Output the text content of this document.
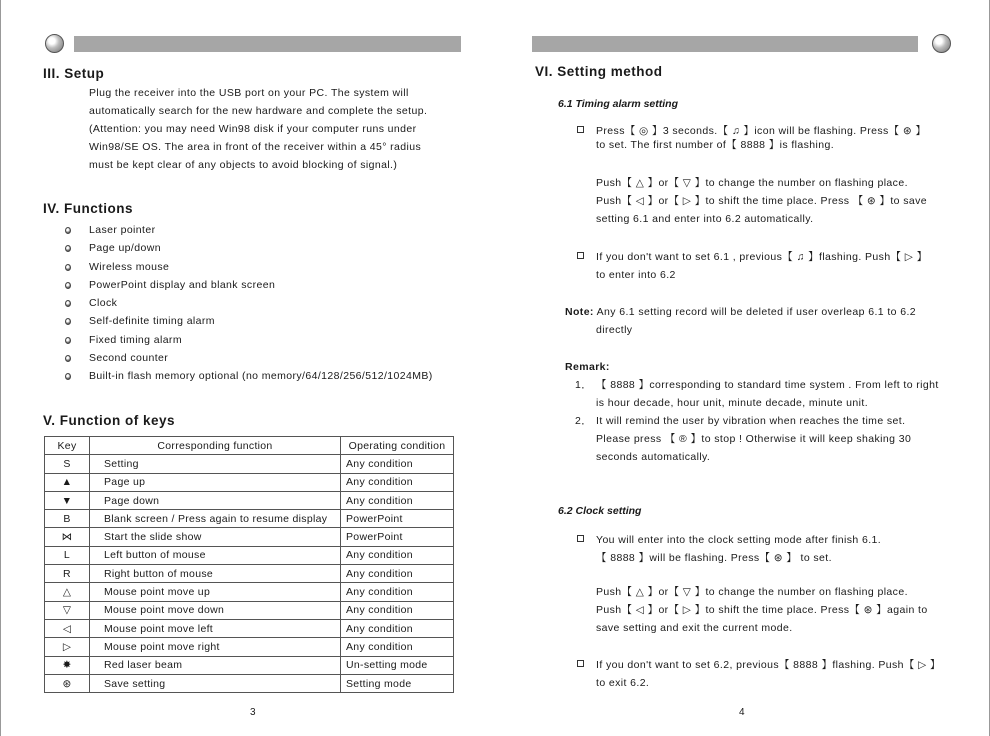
III. Setup
Plug the receiver into the USB port on your PC. The system will
automatically search for the new hardware and complete the setup.
(Attention: you may need Win98 disk if your computer runs under
Win98/SE OS. The area in front of the receiver within a 45° radius
must be kept clear of any objects to avoid blocking of signal.)
IV. Functions
Laser pointer
Page up/down
Wireless mouse
PowerPoint display and blank screen
Clock
Self-definite timing alarm
Fixed timing alarm
Second counter
Built-in flash memory optional (no memory/64/128/256/512/1024MB)
V. Function of keys
Key	Corresponding function	Operating condition
S	Setting	Any condition
▲	Page up	Any condition
▼	Page down	Any condition
B	Blank screen / Press again to resume display	PowerPoint
⋈	Start the slide show	PowerPoint
L	Left button of mouse	Any condition
R	Right button of mouse	Any condition
△	Mouse point move up	Any condition
▽	Mouse point move down	Any condition
◁	Mouse point move left	Any condition
▷	Mouse point move right	Any condition
✸	Red laser beam	Un-setting mode
⊛	Save setting	Setting mode
3
VI. Setting method
6.1 Timing alarm setting
Press【 ◎ 】3 seconds.【 ♫ 】icon will be flashing. Press【 ⊛ 】
to set. The first number of【 8888 】is flashing.
Push【 △ 】or【 ▽ 】to change the number on flashing place.
Push【 ◁ 】or【 ▷ 】to shift the time place. Press 【 ⊛ 】to save
setting 6.1 and enter into 6.2 automatically.
If you don't want to set 6.1 , previous【 ♫ 】flashing. Push【 ▷ 】
to enter into 6.2
Note: Any 6.1 setting record will be deleted if user overleap 6.1 to 6.2
directly
Remark:
1． 【 8888 】corresponding to standard time system . From left to right
is hour decade, hour unit, minute decade, minute unit.
2． It will remind the user by vibration when reaches the time set.
Please press 【 ® 】to stop ! Otherwise it will keep shaking 30
seconds automatically.
6.2 Clock setting
You will enter into the clock setting mode after finish 6.1.
【 8888 】will be flashing. Press【 ⊛ 】 to set.
Push【 △ 】or【 ▽ 】to change the number on flashing place.
Push【 ◁ 】or【 ▷ 】to shift the time place. Press【 ⊛ 】again to
save setting and exit the current mode.
If you don't want to set 6.2, previous【 8888 】flashing. Push【 ▷ 】
to exit 6.2.
4
